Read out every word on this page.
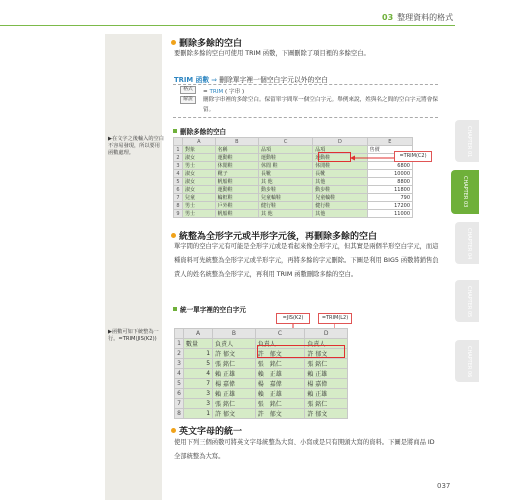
03 整理資料的格式
▶在文字之後輸入的空白不容易發現，所以要用函數處理。
▶函數可如下統整為一行。=TRIM(JIS(K2))
刪除多餘的空白
要刪除多餘的空白可使用 TRIM 函數，下圖刪除了項目裡的多餘空白。
TRIM 函數 ⇒ 刪除單字裡一個空白字元以外的空白
格式	= TRIM ( 字串 )
解說	刪除字串裡的多餘空白。保留單字間單一個空白字元。舉例來說，姓與名之間的空白字元將會保留。
刪除多餘的空白
	A	B	C	D	E
1	對象	名稱	品項	品項	售價
2	淑女	運動鞋	運動鞋	運動鞋	
3	男士	休閒鞋	休閒 鞋	休閒鞋	6800
4	淑女	靴子	長靴	長靴	10000
5	淑女	帆船鞋	其 他	其他	8800
6	淑女	運動鞋	動步鞋	動步鞋	11800
7	兒童	輪框鞋	兒童輪鞋	兒童輪鞋	790
8	男士	戶外鞋	健行鞋	健行鞋	17200
9	男士	帆船鞋	其 他	其他	11000
=TRIM(C2)
統整為全形字元或半形字元後，再刪除多餘的空白
單字間的空白字元有可能是全形字元或是看起來像全形字元，但其實是兩個半形空白字元，而這種資料可先統整為全形字元或半形字元，再將多餘的字元刪除。下圖是利用 BIG5 函數將銷售負責人的姓名統整為全形字元，再利用 TRIM 函數刪除多餘的空白。
統一單字裡的空白字元
=JIS(K2)	=TRIM(L2)
	A	B	C	D
1	數量	負責人	負責人	負責人
2	1	許 郁文	許　郁文	許 郁文
3	5	張 銘仁	張　銘仁	張 銘仁
4	4	賴 正雄	賴　正雄	賴 正雄
5	7	楊 嘉偉	楊　嘉偉	楊 嘉偉
6	3	賴 正雄	賴　正雄	賴 正雄
7	3	張 銘仁	張　銘仁	張 銘仁
8	1	許 郁文	許　郁文	許 郁文
英文字母的統一
使用下列三個函數可將英文字母統整為大寫、小寫或是只有開頭大寫的資料。下圖是將商品 ID 全部統整為大寫。
CHAPTER 01
CHAPTER 03
CHAPTER 04
CHAPTER 05
CHAPTER 06
037
